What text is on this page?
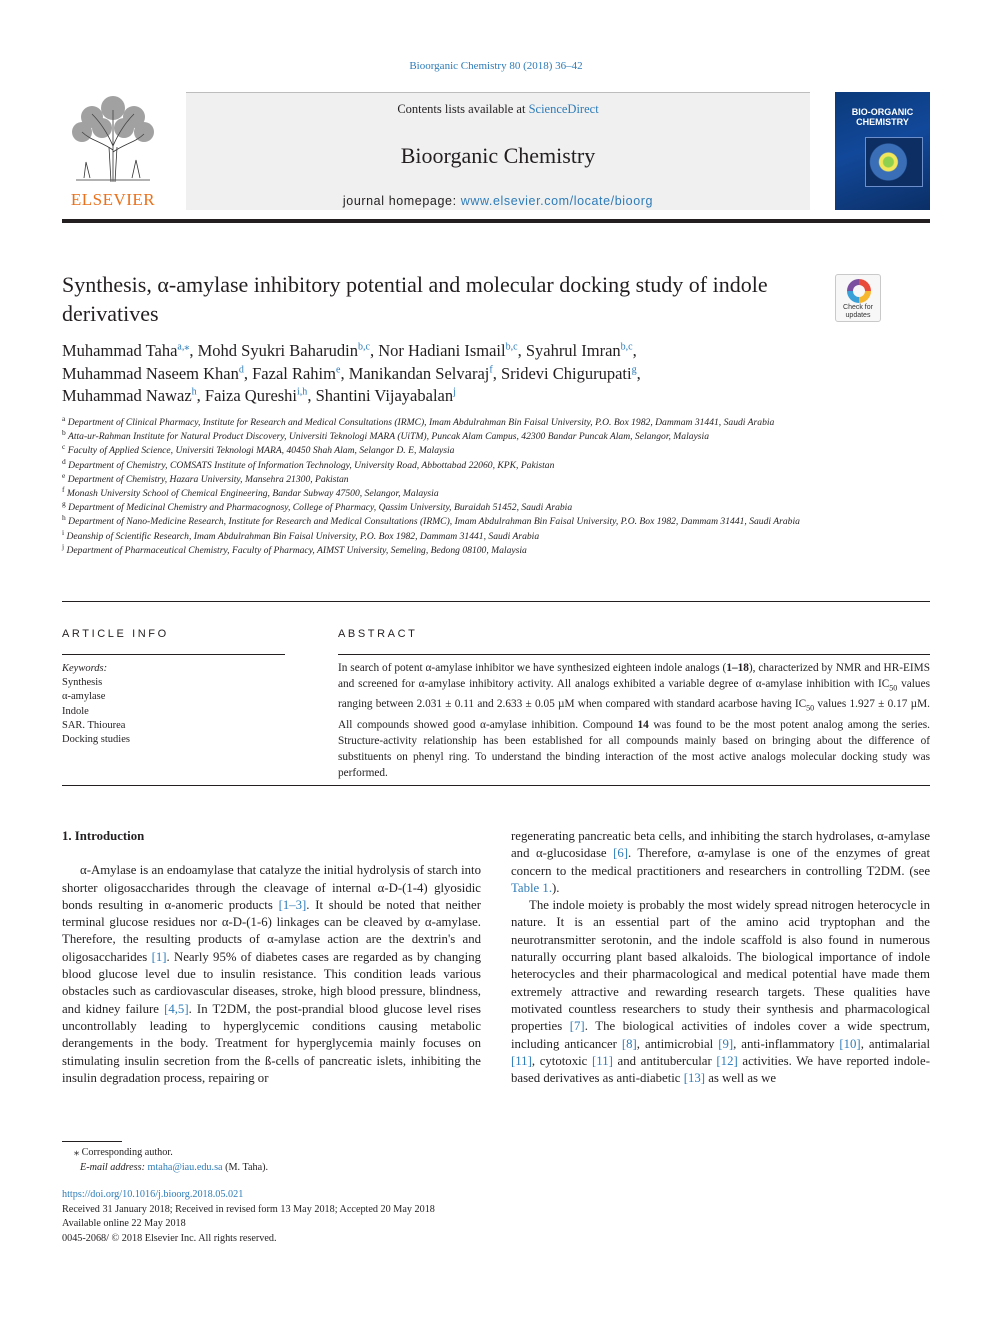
Bioorganic Chemistry 80 (2018) 36–42
ELSEVIER
Contents lists available at ScienceDirect
Bioorganic Chemistry
journal homepage: www.elsevier.com/locate/bioorg
BIO-ORGANIC CHEMISTRY
Synthesis, α-amylase inhibitory potential and molecular docking study of indole derivatives	Check for updates
Muhammad Taha$^{a,⁎}$, Mohd Syukri Baharudin$^{b,c}$, Nor Hadiani Ismail$^{b,c}$, Syahrul Imran$^{b,c}$,
Muhammad Naseem Khan$^d$, Fazal Rahim$^e$, Manikandan Selvaraj$^f$, Sridevi Chigurupati$^g$,
Muhammad Nawaz$^h$, Faiza Qureshi$^{i,h}$, Shantini Vijayabalan$^j$
$^a$ Department of Clinical Pharmacy, Institute for Research and Medical Consultations (IRMC), Imam Abdulrahman Bin Faisal University, P.O. Box 1982, Dammam 31441, Saudi Arabia
$^b$ Atta-ur-Rahman Institute for Natural Product Discovery, Universiti Teknologi MARA (UiTM), Puncak Alam Campus, 42300 Bandar Puncak Alam, Selangor, Malaysia
$^c$ Faculty of Applied Science, Universiti Teknologi MARA, 40450 Shah Alam, Selangor D. E, Malaysia
$^d$ Department of Chemistry, COMSATS Institute of Information Technology, University Road, Abbottabad 22060, KPK, Pakistan
$^e$ Department of Chemistry, Hazara University, Mansehra 21300, Pakistan
$^f$ Monash University School of Chemical Engineering, Bandar Subway 47500, Selangor, Malaysia
$^g$ Department of Medicinal Chemistry and Pharmacognosy, College of Pharmacy, Qassim University, Buraidah 51452, Saudi Arabia
$^h$ Department of Nano-Medicine Research, Institute for Research and Medical Consultations (IRMC), Imam Abdulrahman Bin Faisal University, P.O. Box 1982, Dammam 31441, Saudi Arabia
$^i$ Deanship of Scientific Research, Imam Abdulrahman Bin Faisal University, P.O. Box 1982, Dammam 31441, Saudi Arabia
$^j$ Department of Pharmaceutical Chemistry, Faculty of Pharmacy, AIMST University, Semeling, Bedong 08100, Malaysia
ARTICLE INFO
Keywords:
Synthesis
α-amylase
Indole
SAR. Thiourea
Docking studies
ABSTRACT
In search of potent α-amylase inhibitor we have synthesized eighteen indole analogs (1–18), characterized by NMR and HR-EIMS and screened for α-amylase inhibitory activity. All analogs exhibited a variable degree of α-amylase inhibition with $IC_{50}$ values ranging between 2.031 ± 0.11 and 2.633 ± 0.05 µM when compared with standard acarbose having $IC_{50}$ values 1.927 ± 0.17 µM. All compounds showed good α-amylase inhibition. Compound 14 was found to be the most potent analog among the series. Structure-activity relationship has been established for all compounds mainly based on bringing about the difference of substituents on phenyl ring. To understand the binding interaction of the most active analogs molecular docking study was performed.

1. Introduction

α-Amylase is an endoamylase that catalyze the initial hydrolysis of starch into shorter oligosaccharides through the cleavage of internal α-D-(1-4) glyosidic bonds resulting in α-anomeric products [1–3]. It should be noted that neither terminal glucose residues nor α-D-(1-6) linkages can be cleaved by α-amylase. Therefore, the resulting products of α-amylase action are the dextrin's and oligosaccharides [1]. Nearly 95% of diabetes cases are regarded as by changing blood glucose level due to insulin resistance. This condition leads various obstacles such as cardiovascular diseases, stroke, high blood pressure, blindness, and kidney failure [4,5]. In T2DM, the post-prandial blood glucose level rises uncontrollably leading to hyperglycemic conditions causing metabolic derangements in the body. Treatment for hyperglycemia mainly focuses on stimulating insulin secretion from the ß-cells of pancreatic islets, inhibiting the insulin degradation process, repairing or

regenerating pancreatic beta cells, and inhibiting the starch hydrolases, α-amylase and α-glucosidase [6]. Therefore, α-amylase is one of the enzymes of great concern to the medical practitioners and researchers in controlling T2DM. (see Table 1.).

The indole moiety is probably the most widely spread nitrogen heterocycle in nature. It is an essential part of the amino acid tryptophan and the neurotransmitter serotonin, and the indole scaffold is also found in numerous naturally occurring plant based alkaloids. The biological importance of indole heterocycles and their pharmacological and medical potential have made them extremely attractive and rewarding research targets. These qualities have motivated countless researchers to study their synthesis and pharmacological properties [7]. The biological activities of indoles cover a wide spectrum, including anticancer [8], antimicrobial [9], anti-inflammatory [10], antimalarial [11], cytotoxic [11] and antitubercular [12] activities. We have reported indole-based derivatives as anti-diabetic [13] as well as we

⁎ Corresponding author.
E-mail address: mtaha@iau.edu.sa (M. Taha).
https://doi.org/10.1016/j.bioorg.2018.05.021
Received 31 January 2018; Received in revised form 13 May 2018; Accepted 20 May 2018
Available online 22 May 2018
0045-2068/ © 2018 Elsevier Inc. All rights reserved.
